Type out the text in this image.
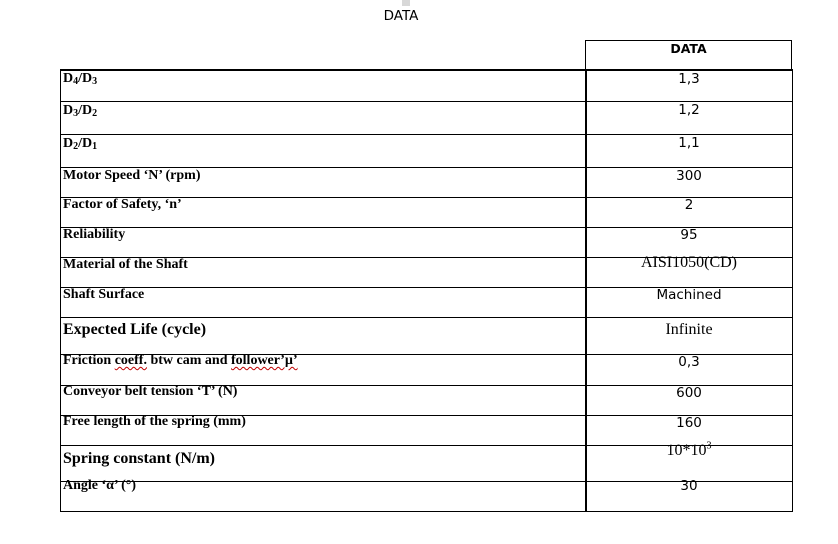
DATA
DATA
$D_4/D_3$	1,3
$D_3/D_2$	1,2
$D_2/D_1$	1,1
Motor Speed ‘N’ (rpm)	300
Factor of Safety, ‘n’	2
Reliability	95
Material of the Shaft	AISI1050(CD)
Shaft Surface	Machined
Expected Life (cycle)	Infinite
Friction coeff. btw cam and follower’µ’	0,3
Conveyor belt tension ‘T’ (N)	600
Free length of the spring (mm)	160
Spring constant (N/m)	$10*10^3$
Angle ‘α’ (°)	30
